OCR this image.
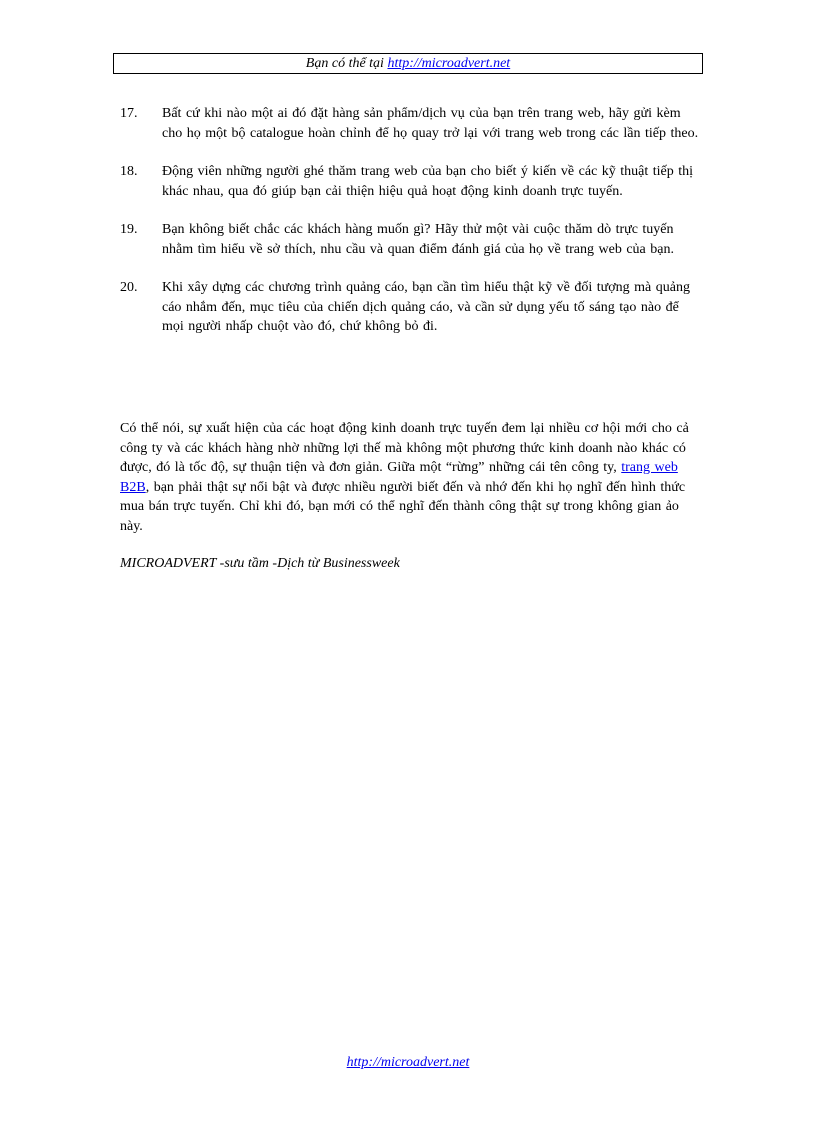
Bạn có thể tại http://microadvert.net
17. Bất cứ khi nào một ai đó đặt hàng sản phẩm/dịch vụ của bạn trên trang web, hãy gửi kèm cho họ một bộ catalogue hoàn chỉnh để họ quay trở lại với trang web trong các lần tiếp theo.
18. Động viên những người ghé thăm trang web của bạn cho biết ý kiến về các kỹ thuật tiếp thị khác nhau, qua đó giúp bạn cải thiện hiệu quả hoạt động kinh doanh trực tuyến.
19. Bạn không biết chắc các khách hàng muốn gì? Hãy thử một vài cuộc thăm dò trực tuyến nhằm tìm hiểu về sở thích, nhu cầu và quan điểm đánh giá của họ về trang web của bạn.
20. Khi xây dựng các chương trình quảng cáo, bạn cần tìm hiểu thật kỹ về đối tượng mà quảng cáo nhắm đến, mục tiêu của chiến dịch quảng cáo, và cần sử dụng yếu tố sáng tạo nào để mọi người nhấp chuột vào đó, chứ không bỏ đi.

Có thể nói, sự xuất hiện của các hoạt động kinh doanh trực tuyến đem lại nhiều cơ hội mới cho cả công ty và các khách hàng nhờ những lợi thế mà không một phương thức kinh doanh nào khác có được, đó là tốc độ, sự thuận tiện và đơn giản. Giữa một “rừng” những cái tên công ty, trang web B2B, bạn phải thật sự nổi bật và được nhiều người biết đến và nhớ đến khi họ nghĩ đến hình thức mua bán trực tuyến. Chỉ khi đó, bạn mới có thể nghĩ đến thành công thật sự trong không gian ảo này.

MICROADVERT -sưu tầm -Dịch từ Businessweek

http://microadvert.net
